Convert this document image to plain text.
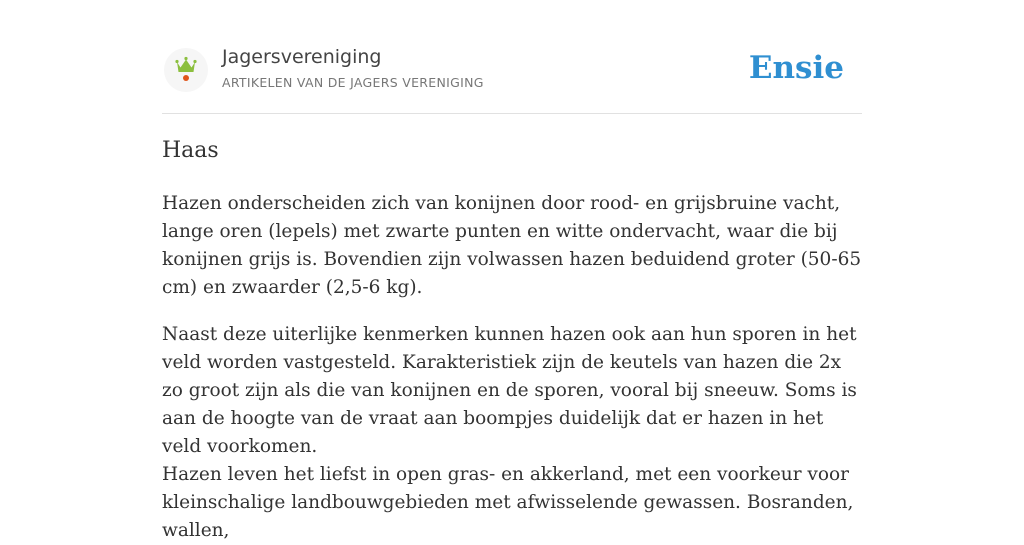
Jagersvereniging
ARTIKELEN VAN DE JAGERS VERENIGING	Ensie
Haas

Hazen onderscheiden zich van konijnen door rood- en grijsbruine vacht, lange oren (lepels) met zwarte punten en witte ondervacht, waar die bij konijnen grijs is. Bovendien zijn volwassen hazen beduidend groter (50-65 cm) en zwaarder (2,5-6 kg).

Naast deze uiterlijke kenmerken kunnen hazen ook aan hun sporen in het veld worden vastgesteld. Karakteristiek zijn de keutels van hazen die 2x zo groot zijn als die van konijnen en de sporen, vooral bij sneeuw. Soms is aan de hoogte van de vraat aan boompjes duidelijk dat er hazen in het veld voorkomen.

Hazen leven het liefst in open gras- en akkerland, met een voorkeur voor kleinschalige landbouwgebieden met afwisselende gewassen. Bosranden, wallen,
